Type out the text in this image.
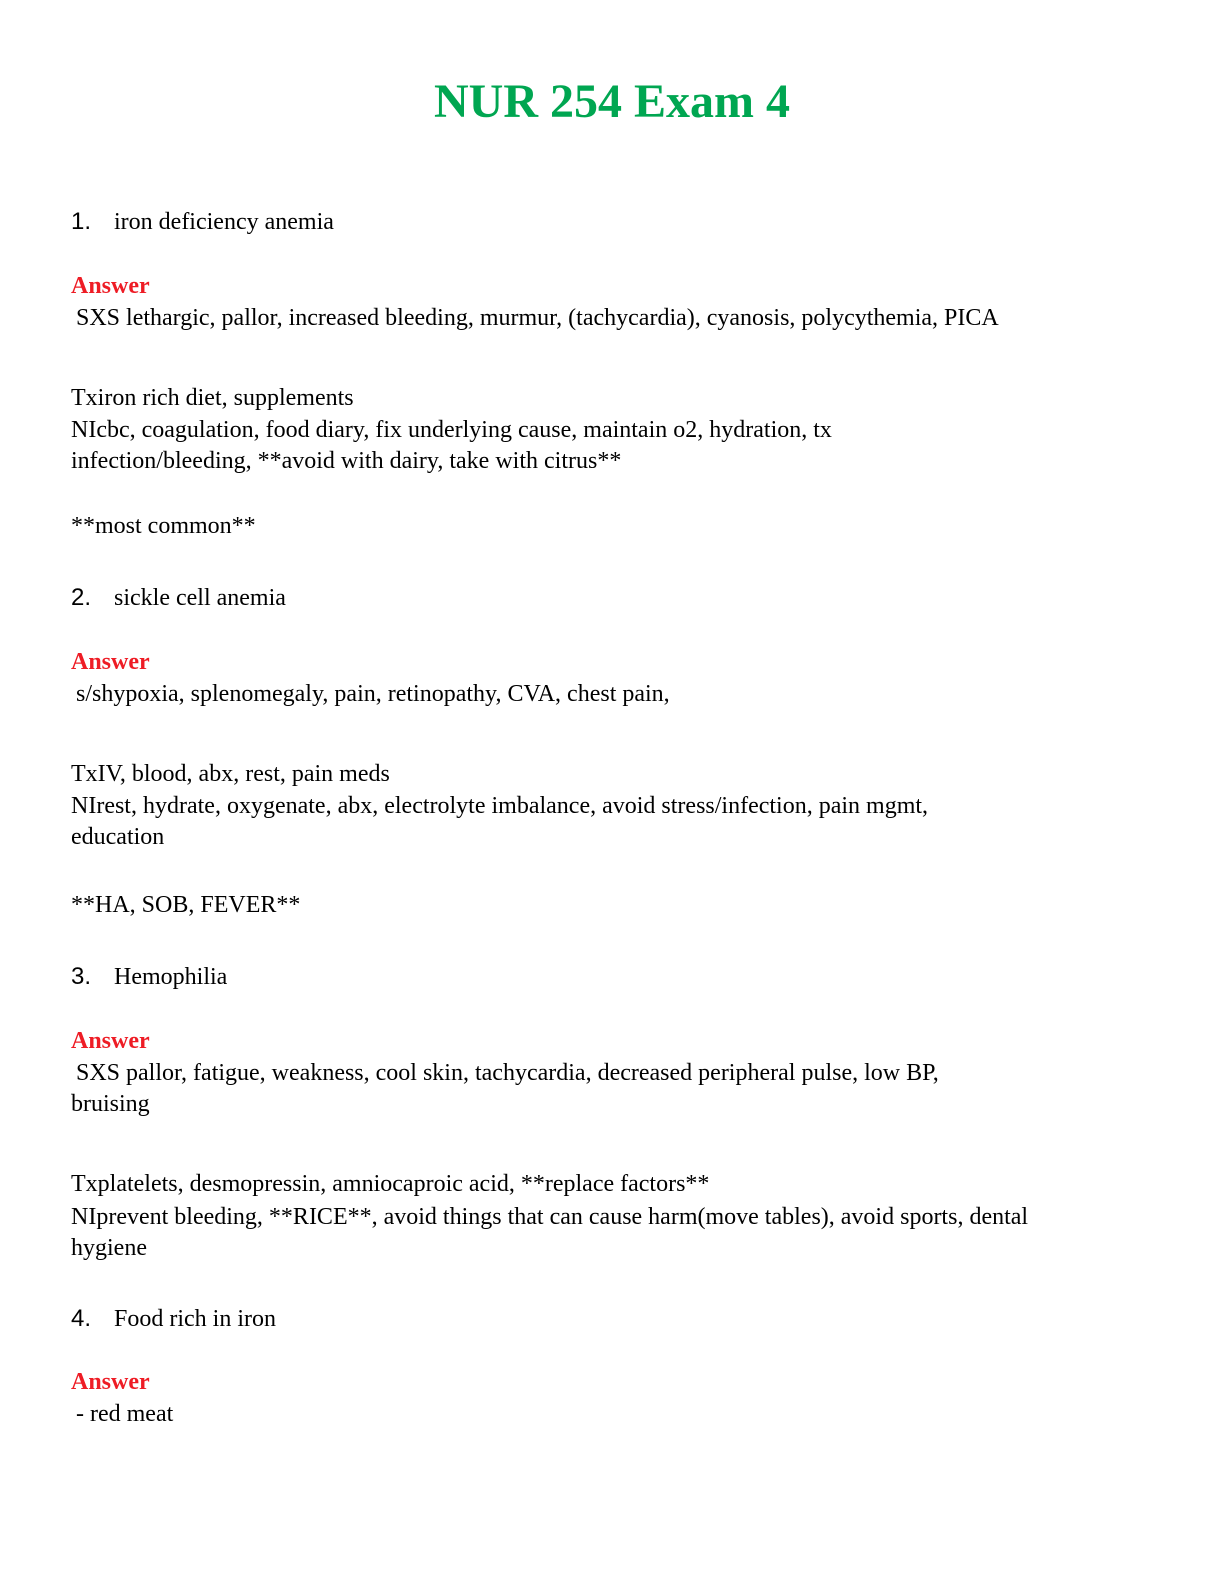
NUR 254 Exam 4
1. iron deficiency anemia
Answer
SXS lethargic, pallor, increased bleeding, murmur, (tachycardia), cyanosis, polycythemia, PICA
Txiron rich diet, supplements
NIcbc, coagulation, food diary, fix underlying cause, maintain o2, hydration, tx
infection/bleeding, **avoid with dairy, take with citrus**
**most common**
2. sickle cell anemia
Answer
s/shypoxia, splenomegaly, pain, retinopathy, CVA, chest pain,
TxIV, blood, abx, rest, pain meds
NIrest, hydrate, oxygenate, abx, electrolyte imbalance, avoid stress/infection, pain mgmt,
education
**HA, SOB, FEVER**
3. Hemophilia
Answer
SXS pallor, fatigue, weakness, cool skin, tachycardia, decreased peripheral pulse, low BP,
bruising
Txplatelets, desmopressin, amniocaproic acid, **replace factors**
NIprevent bleeding, **RICE**, avoid things that can cause harm(move tables), avoid sports, dental
hygiene
4. Food rich in iron
Answer
- red meat
